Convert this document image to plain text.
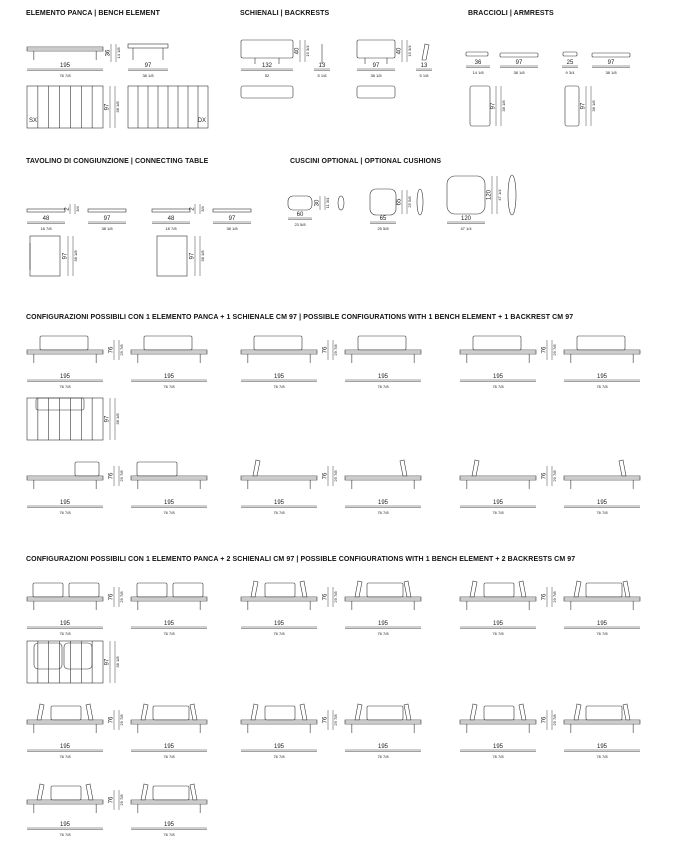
ELEMENTO PANCA | BENCH ELEMENT	SCHIENALI | BACKRESTS	BRACCIOLI | ARMRESTS
TAVOLINO DI CONGIUNZIONE | CONNECTING TABLE	CUSCINI OPTIONAL | OPTIONAL CUSHIONS
CONFIGURAZIONI POSSIBILI CON 1 ELEMENTO PANCA + 1 SCHIENALE CM 97 | POSSIBLE CONFIGURATIONS WITH 1 BENCH ELEMENT + 1 BACKREST CM 97
CONFIGURAZIONI POSSIBILI CON 1 ELEMENTO PANCA + 2 SCHIENALI CM 97 | POSSIBLE CONFIGURATIONS WITH 1 BENCH ELEMENT + 2 BACKRESTS CM 97
36 14 1/8
195
76 7/8
97
38 1/8
97 38 1/8
SX	DX
40 15 3/4
132
52
13
5 1/8
40 15 3/4
97
38 1/8
13
5 1/8
36
14 1/8
97
38 1/8
25
9 3/4
97
38 1/8
97 38 1/8	97 38 1/8
2 3/4
48
18 7/8
97
38 1/8
97 38 1/8
2 3/4
48
18 7/8
97
38 1/8
97 38 1/8
30 11 3/4
60
23 5/8
65 25 5/8
65
25 5/8
120 47 1/4
120
47 1/4
76 29 7/8
195
76 7/8
195
76 7/8
76 29 7/8
195
76 7/8
195
76 7/8
76 29 7/8
195
76 7/8
195
76 7/8
76 29 7/8
195
76 7/8
195
76 7/8
76 29 7/8
195
76 7/8
195
76 7/8
76 29 7/8
195
76 7/8
195
76 7/8
97 38 1/8
76 29 7/8
195
76 7/8
195
76 7/8
76 29 7/8
195
76 7/8
195
76 7/8
76 29 7/8
195
76 7/8
195
76 7/8
76 29 7/8
195
76 7/8
195
76 7/8
76 29 7/8
195
76 7/8
195
76 7/8
76 29 7/8
195
76 7/8
195
76 7/8
97 38 1/8
76 29 7/8
195
76 7/8
195
76 7/8
